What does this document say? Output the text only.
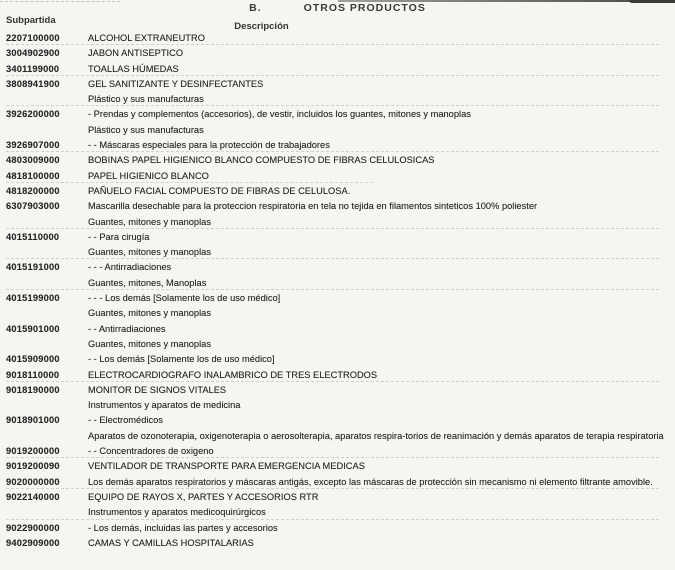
B.	OTROS PRODUCTOS
Subpartida
Descripción
2207100000	ALCOHOL EXTRANEUTRO
3004902900	JABON ANTISEPTICO
3401199000	TOALLAS HÚMEDAS
3808941900	GEL SANITIZANTE Y DESINFECTANTES
Plástico y sus manufacturas
3926200000	- Prendas y complementos (accesorios), de vestir, incluidos los guantes, mitones y manoplas
Plástico y sus manufacturas
3926907000	- - Máscaras especiales para la protección de trabajadores
4803009000	BOBINAS PAPEL HIGIENICO BLANCO COMPUESTO DE FIBRAS CELULOSICAS
4818100000	PAPEL HIGIENICO BLANCO
4818200000	PAÑUELO FACIAL COMPUESTO DE FIBRAS DE CELULOSA.
6307903000	Mascarilla desechable para la proteccion respiratoria en tela no tejida en filamentos sinteticos 100% poliester
Guantes, mitones y manoplas
4015110000	- - Para cirugía
Guantes, mitones y manoplas
4015191000	- - - Antirradiaciones
Guantes, mitones, Manoplas
4015199000	- - - Los demás [Solamente los de uso médico]
Guantes, mitones y manoplas
4015901000	- - Antirradiaciones
Guantes, mitones y manoplas
4015909000	- - Los demás [Solamente los de uso médico]
9018110000	ELECTROCARDIOGRAFO INALAMBRICO DE TRES ELECTRODOS
9018190000	MONITOR DE SIGNOS VITALES
Instrumentos y aparatos de medicina
9018901000	- - Electromédicos
Aparatos de ozonoterapia, oxigenoterapia o aerosolterapia, aparatos respira-torios de reanimación y demás aparatos de terapia respiratoria
9019200000	- - Concentradores de oxigeno
9019200090	VENTILADOR DE TRANSPORTE PARA EMERGENCIA MEDICAS
9020000000	Los demás aparatos respiratorios y máscaras antigás, excepto las máscaras de protección sin mecanismo ni elemento filtrante amovible.
9022140000	EQUIPO DE RAYOS X, PARTES Y ACCESORIOS RTR
Instrumentos y aparatos medicoquirúrgicos
9022900000	- Los demás, incluidas las partes y accesorios
9402909000	CAMAS Y CAMILLAS HOSPITALARIAS
